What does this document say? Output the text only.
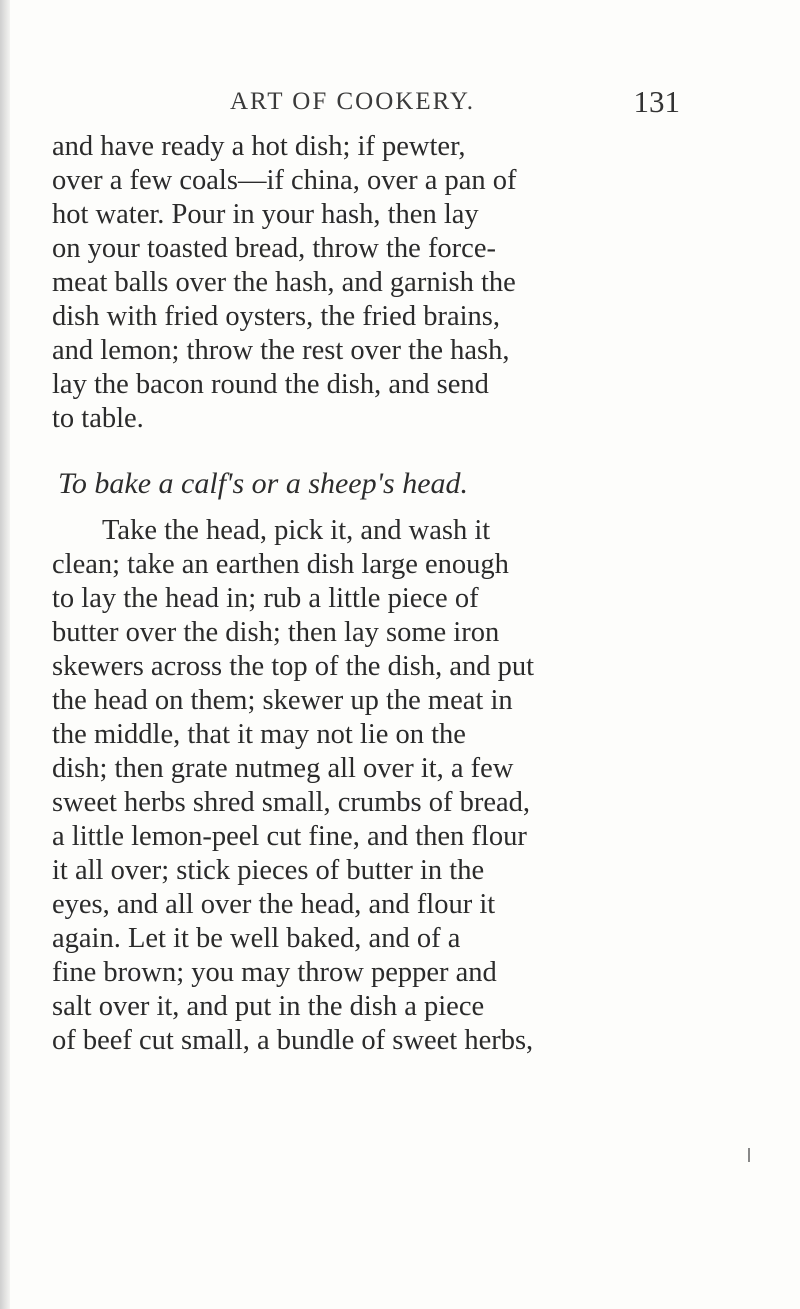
ART OF COOKERY.	131
and have ready a hot dish; if pewter,
over a few coals—if china, over a pan of
hot water. Pour in your hash, then lay
on your toasted bread, throw the force-
meat balls over the hash, and garnish the
dish with fried oysters, the fried brains,
and lemon; throw the rest over the hash,
lay the bacon round the dish, and send
to table.
To bake a calf's or a sheep's head.
Take the head, pick it, and wash it
clean; take an earthen dish large enough
to lay the head in; rub a little piece of
butter over the dish; then lay some iron
skewers across the top of the dish, and put
the head on them; skewer up the meat in
the middle, that it may not lie on the
dish; then grate nutmeg all over it, a few
sweet herbs shred small, crumbs of bread,
a little lemon-peel cut fine, and then flour
it all over; stick pieces of butter in the
eyes, and all over the head, and flour it
again. Let it be well baked, and of a
fine brown; you may throw pepper and
salt over it, and put in the dish a piece
of beef cut small, a bundle of sweet herbs,
